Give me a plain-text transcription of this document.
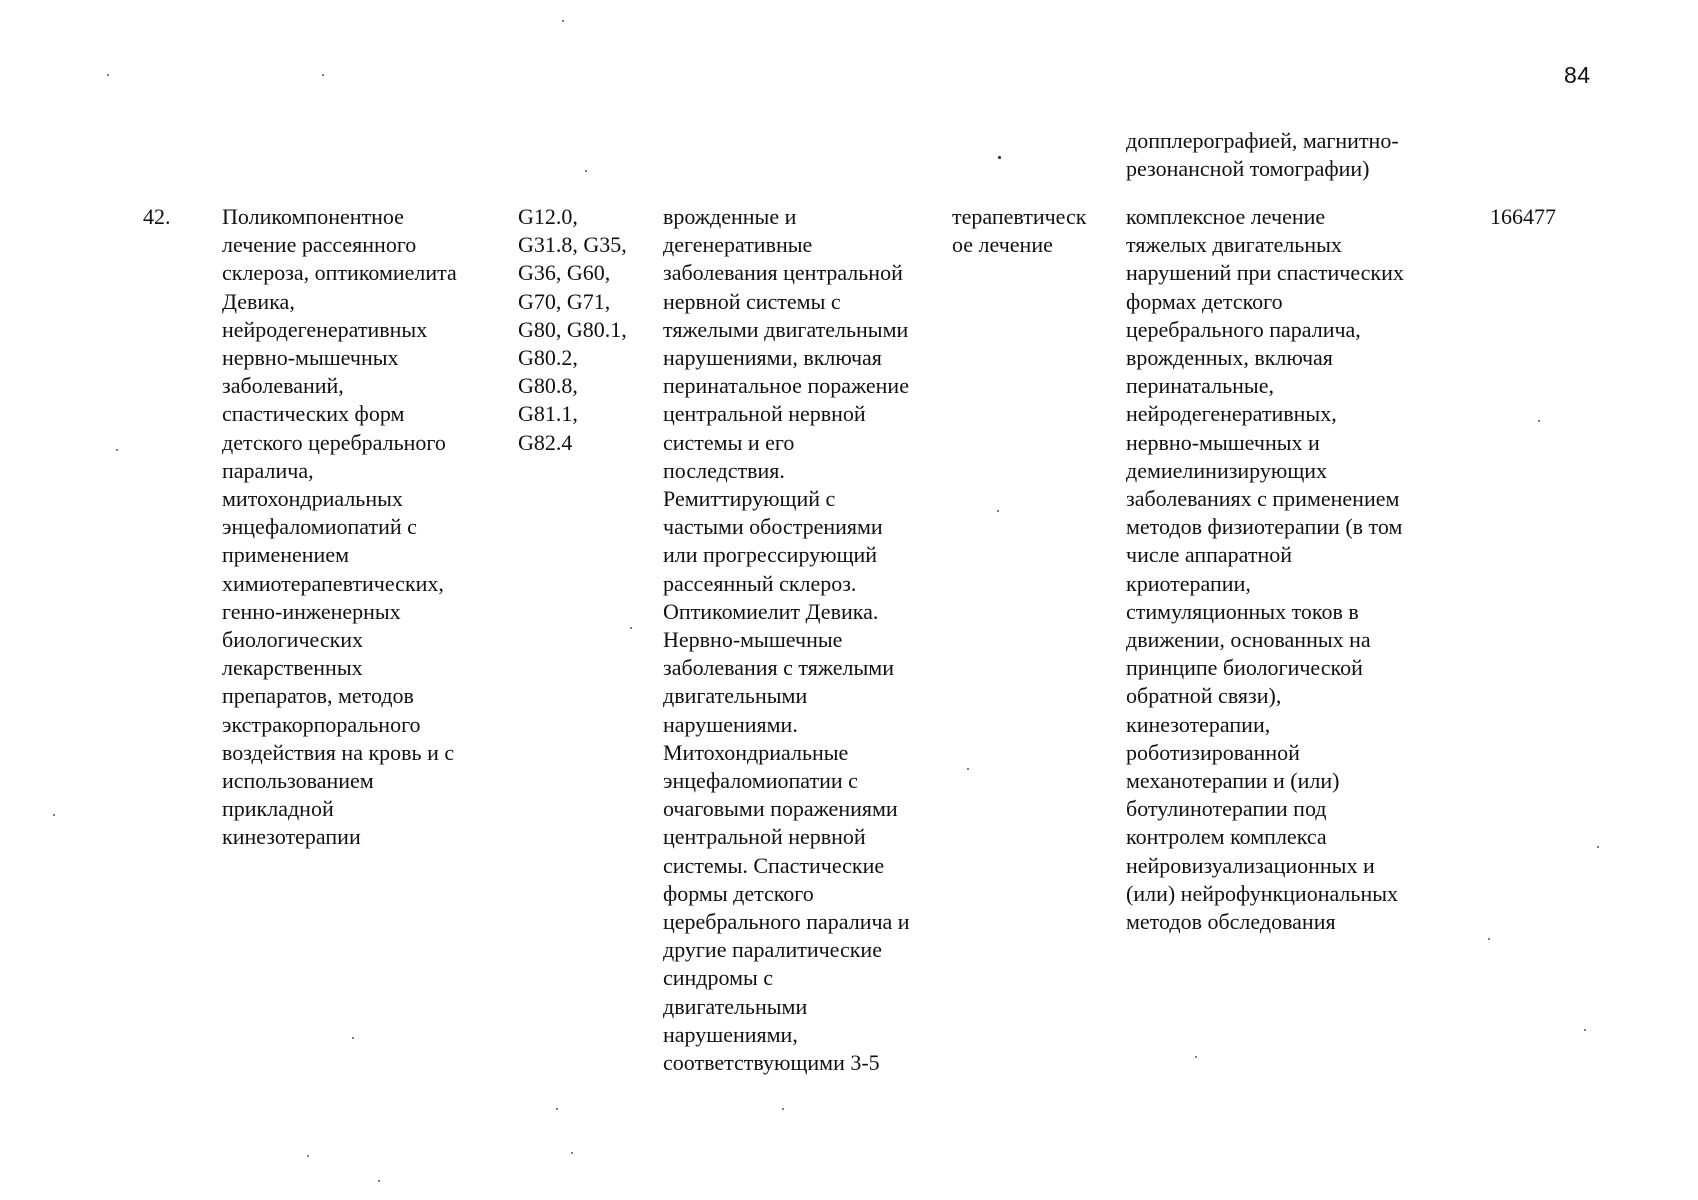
84
допплерографией, магнитно-
резонансной томографии)
42.	Поликомпонентное
лечение рассеянного
склероза, оптикомиелита
Девика,
нейродегенеративных
нервно-мышечных
заболеваний,
спастических форм
детского церебрального
паралича,
митохондриальных
энцефаломиопатий с
применением
химиотерапевтических,
генно-инженерных
биологических
лекарственных
препаратов, методов
экстракорпорального
воздействия на кровь и с
использованием
прикладной
кинезотерапии
G12.0,
G31.8, G35,
G36, G60,
G70, G71,
G80, G80.1,
G80.2,
G80.8,
G81.1,
G82.4
врожденные и
дегенеративные
заболевания центральной
нервной системы с
тяжелыми двигательными
нарушениями, включая
перинатальное поражение
центральной нервной
системы и его
последствия.
Ремиттирующий с
частыми обострениями
или прогрессирующий
рассеянный склероз.
Оптикомиелит Девика.
Нервно-мышечные
заболевания с тяжелыми
двигательными
нарушениями.
Митохондриальные
энцефаломиопатии с
очаговыми поражениями
центральной нервной
системы. Спастические
формы детского
церебрального паралича и
другие паралитические
синдромы с
двигательными
нарушениями,
соответствующими 3-5
терапевтическ
ое лечение
комплексное лечение
тяжелых двигательных
нарушений при спастических
формах детского
церебрального паралича,
врожденных, включая
перинатальные,
нейродегенеративных,
нервно-мышечных и
демиелинизирующих
заболеваниях с применением
методов физиотерапии (в том
числе аппаратной
криотерапии,
стимуляционных токов в
движении, основанных на
принципе биологической
обратной связи),
кинезотерапии,
роботизированной
механотерапии и (или)
ботулинотерапии под
контролем комплекса
нейровизуализационных и
(или) нейрофункциональных
методов обследования
166477
